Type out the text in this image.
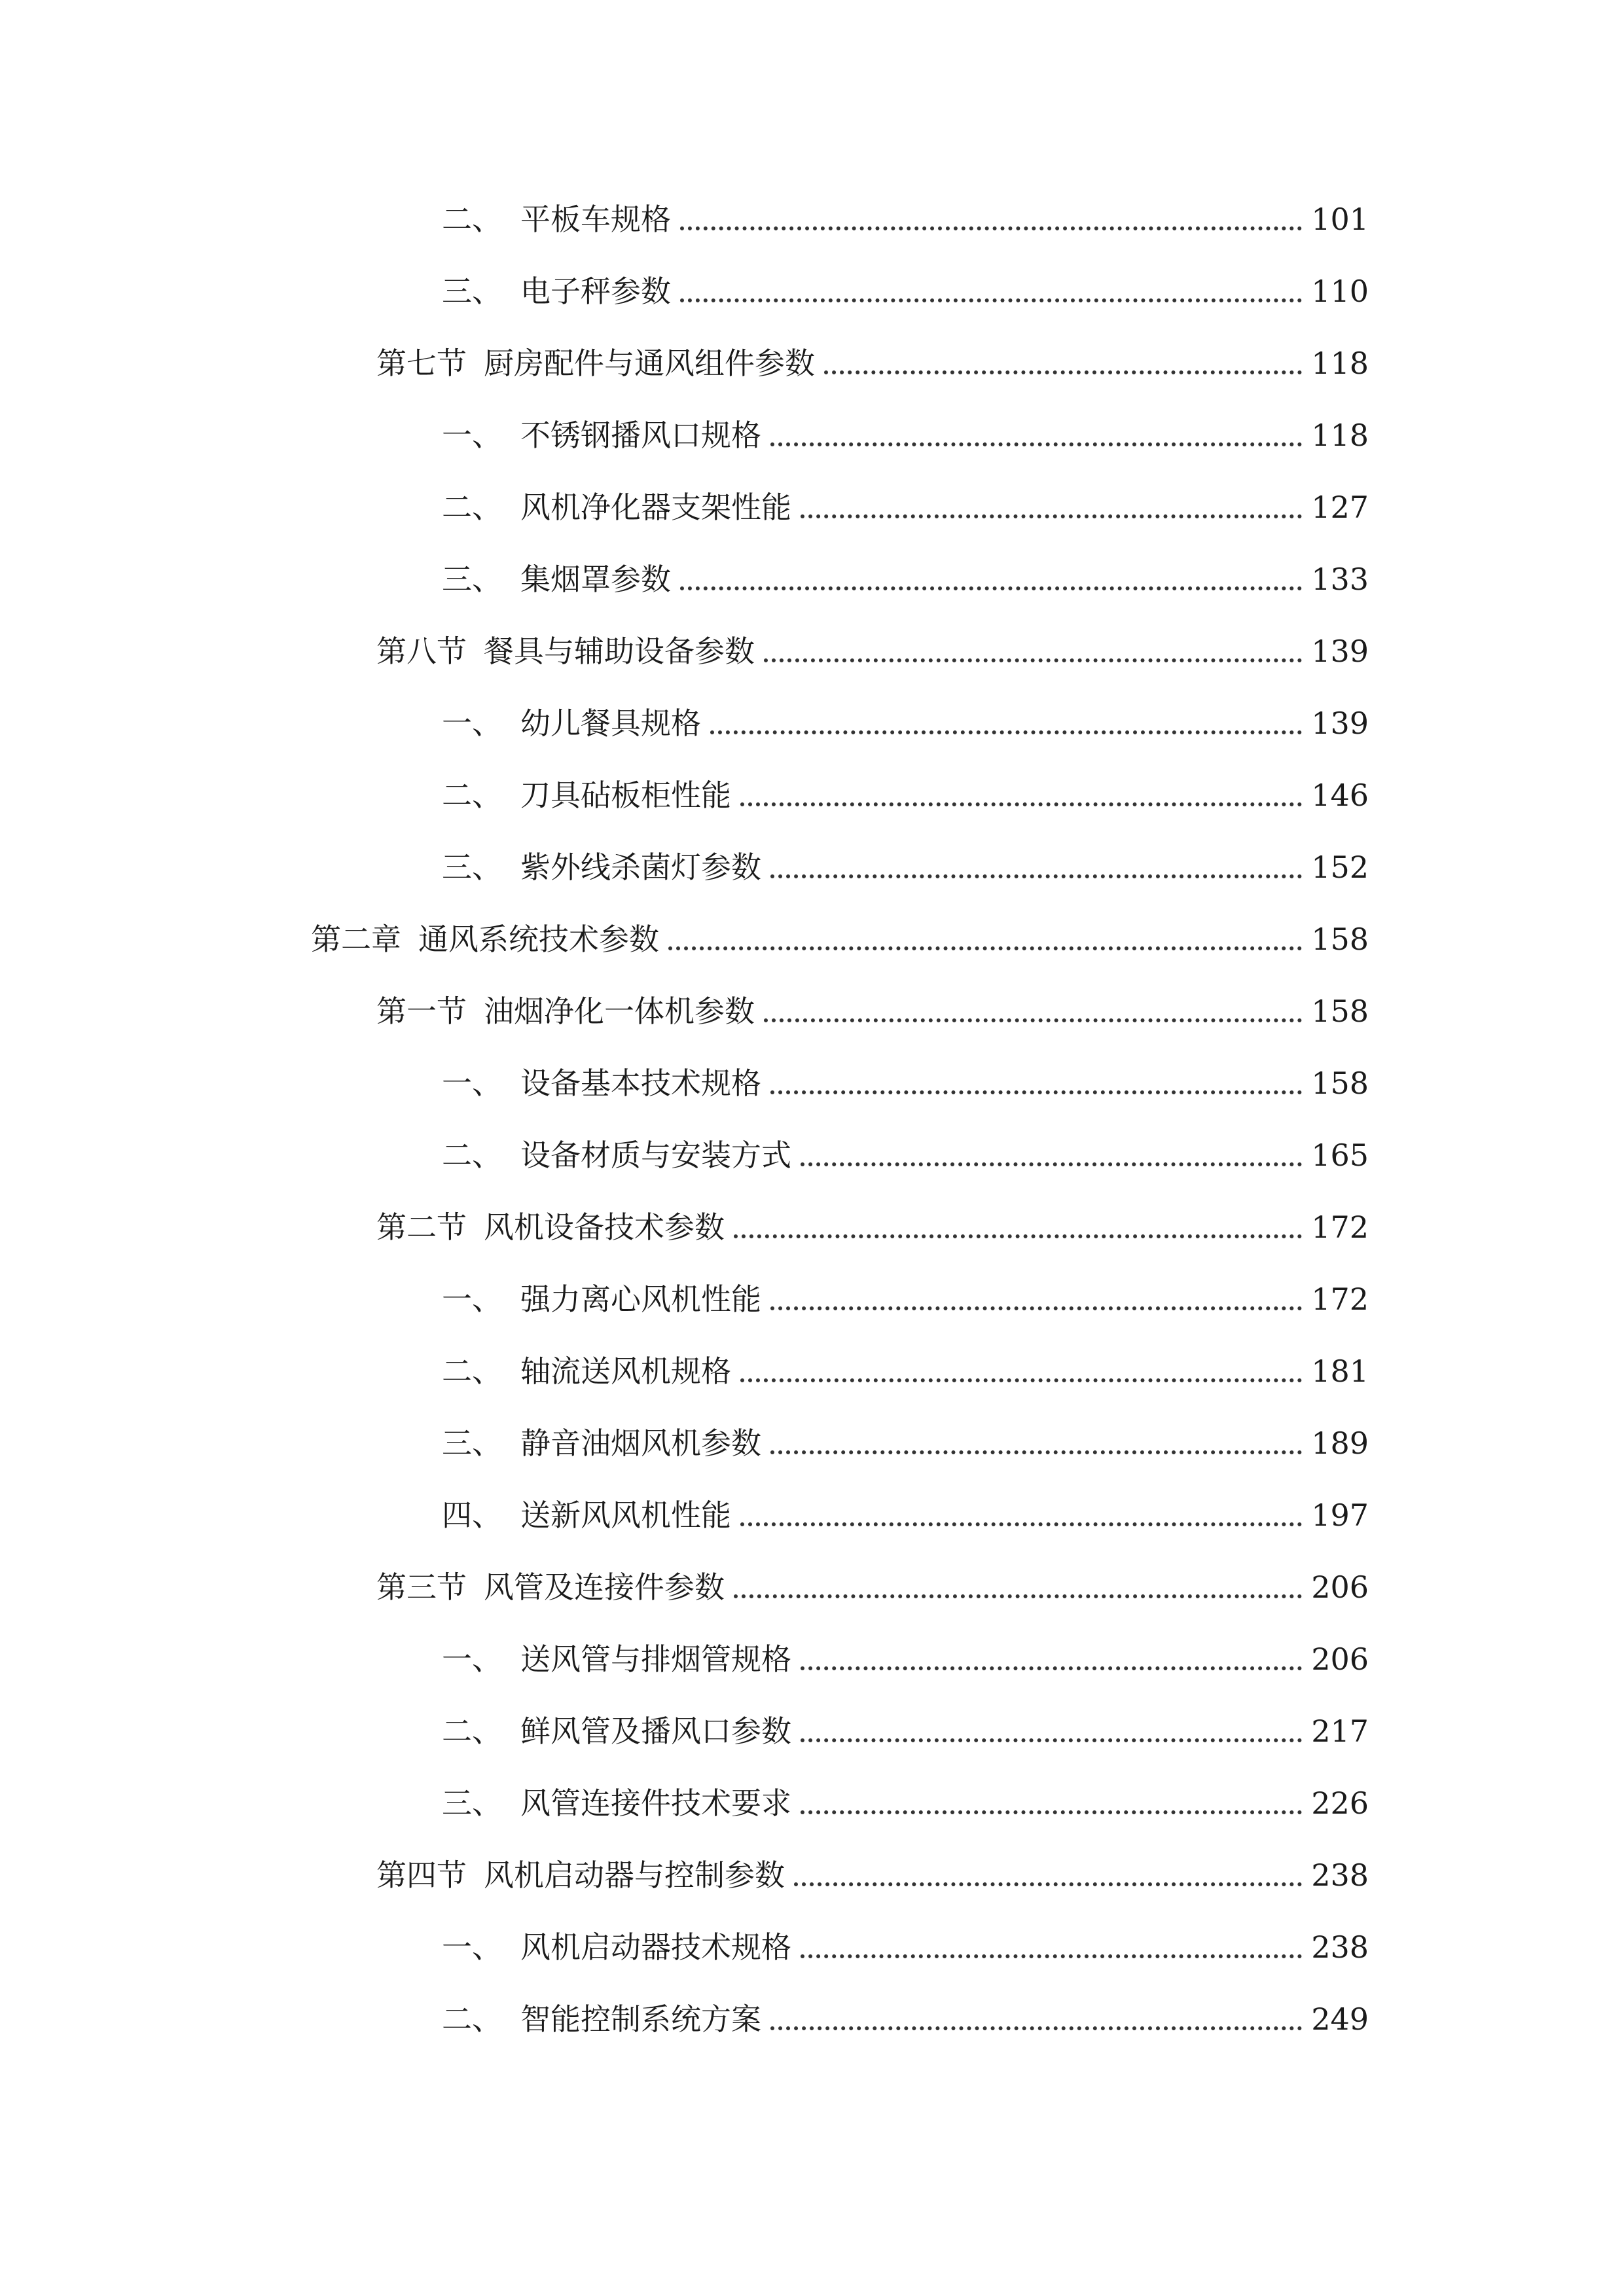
二、 平板车规格	101
三、 电子秤参数	110
第七节 厨房配件与通风组件参数	118
一、 不锈钢播风口规格	118
二、 风机净化器支架性能	127
三、 集烟罩参数	133
第八节 餐具与辅助设备参数	139
一、 幼儿餐具规格	139
二、 刀具砧板柜性能	146
三、 紫外线杀菌灯参数	152
第二章 通风系统技术参数	158
第一节 油烟净化一体机参数	158
一、 设备基本技术规格	158
二、 设备材质与安装方式	165
第二节 风机设备技术参数	172
一、 强力离心风机性能	172
二、 轴流送风机规格	181
三、 静音油烟风机参数	189
四、 送新风风机性能	197
第三节 风管及连接件参数	206
一、 送风管与排烟管规格	206
二、 鲜风管及播风口参数	217
三、 风管连接件技术要求	226
第四节 风机启动器与控制参数	238
一、 风机启动器技术规格	238
二、 智能控制系统方案	249
